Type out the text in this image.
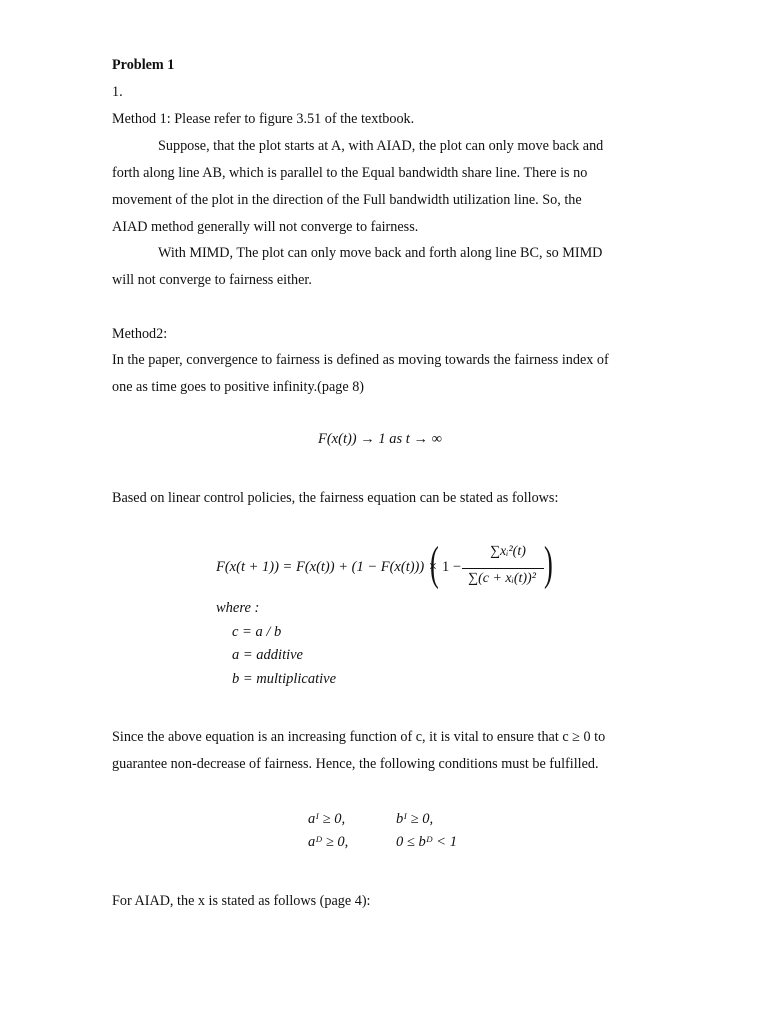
Problem 1
1.
Method 1: Please refer to figure 3.51 of the textbook.
Suppose, that the plot starts at A, with AIAD, the plot can only move back and
forth along line AB, which is parallel to the Equal bandwidth share line. There is no
movement of the plot in the direction of the Full bandwidth utilization line. So, the
AIAD method generally will not converge to fairness.
With MIMD, The plot can only move back and forth along line BC, so MIMD
will not converge to fairness either.
Method2:
In the paper, convergence to fairness is defined as moving towards the fairness index of
one as time goes to positive infinity.(page 8)
F(x(t)) → 1 as t → ∞
Based on linear control policies, the fairness equation can be stated as follows:
F(x(t + 1)) = F(x(t)) + (1 − F(x(t))) ×
( 1 −
∑xᵢ²(t)
∑(c + xᵢ(t))² )
where :
c = a / b
a = additive
b = multiplicative
Since the above equation is an increasing function of c, it is vital to ensure that c ≥ 0 to
guarantee non-decrease of fairness. Hence, the following conditions must be fulfilled.
aᴵ ≥ 0,	bᴵ ≥ 0,
aᴰ ≥ 0,	0 ≤ bᴰ < 1
For AIAD, the x is stated as follows (page 4):
